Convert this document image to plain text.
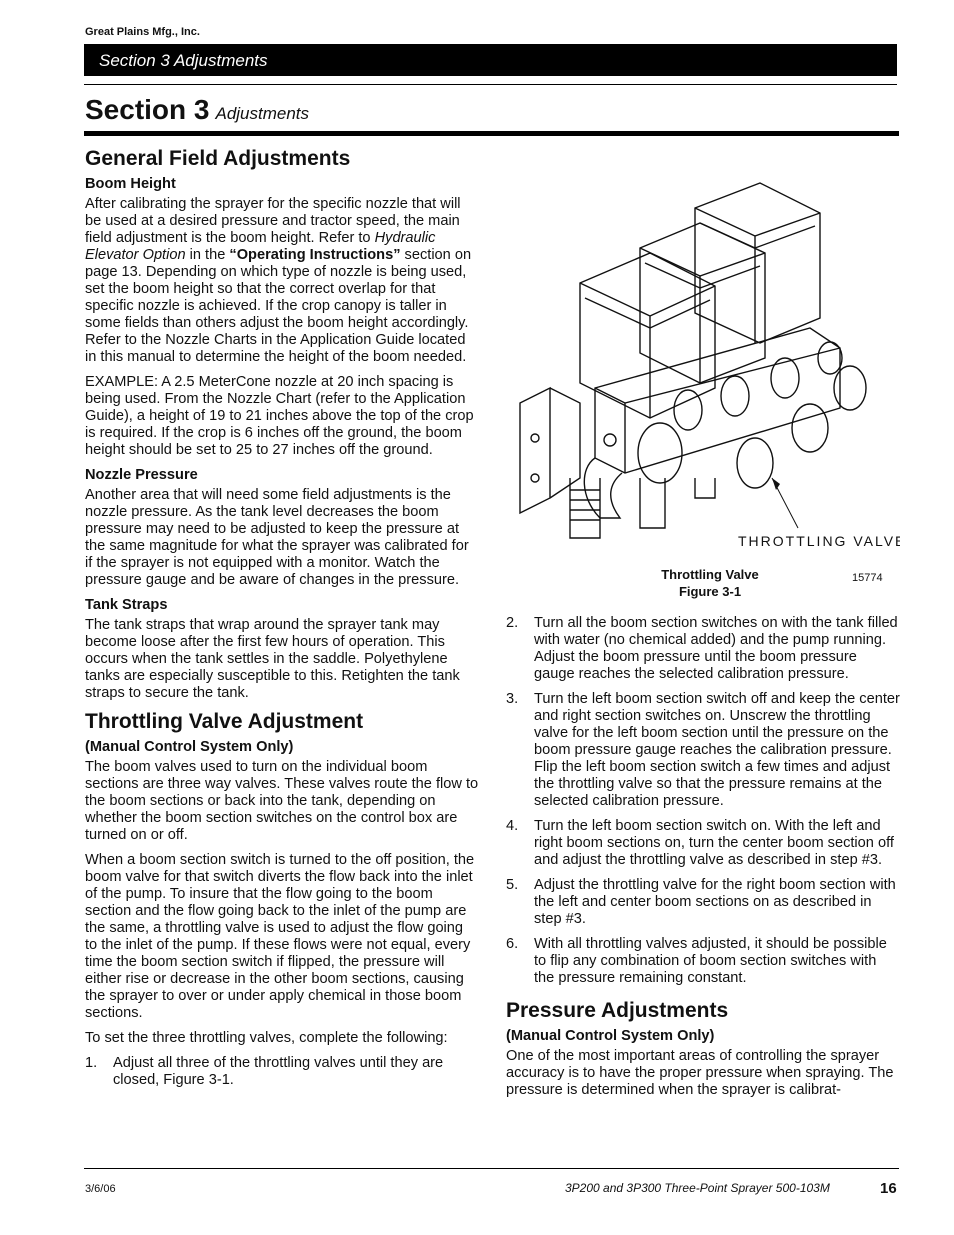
Great Plains Mfg., Inc.
Section 3 Adjustments
Section 3 Adjustments
General Field Adjustments
Boom Height

After calibrating the sprayer for the specific nozzle that will be used at a desired pressure and tractor speed, the main field adjustment is the boom height. Refer to Hydraulic Elevator Option in the “Operating Instructions” section on page 13. Depending on which type of nozzle is being used, set the boom height so that the correct overlap for that specific nozzle is achieved. If the crop canopy is taller in some fields than others adjust the boom height accordingly. Refer to the Nozzle Charts in the Application Guide located in this manual to determine the height of the boom needed.

EXAMPLE: A 2.5 MeterCone nozzle at 20 inch spacing is being used. From the Nozzle Chart (refer to the Application Guide), a height of 19 to 21 inches above the top of the crop is required. If the crop is 6 inches off the ground, the boom height should be set to 25 to 27 inches off the ground.

Nozzle Pressure

Another area that will need some field adjustments is the nozzle pressure. As the tank level decreases the boom pressure may need to be adjusted to keep the pressure at the same magnitude for what the sprayer was calibrated for if the sprayer is not equipped with a monitor. Watch the pressure gauge and be aware of changes in the pressure.

Tank Straps

The tank straps that wrap around the sprayer tank may become loose after the first few hours of operation. This occurs when the tank settles in the saddle. Polyethylene tanks are especially susceptible to this. Retighten the tank straps to secure the tank.

Throttling Valve Adjustment
(Manual Control System Only)

The boom valves used to turn on the individual boom sections are three way valves. These valves route the flow to the boom sections or back into the tank, depending on whether the boom section switches on the control box are turned on or off.

When a boom section switch is turned to the off position, the boom valve for that switch diverts the flow back into the inlet of the pump. To insure that the flow going to the boom section and the flow going back to the inlet of the pump are the same, a throttling valve is used to adjust the flow going to the inlet of the pump. If these flows were not equal, every time the boom section switch if flipped, the pressure will either rise or decrease in the other boom sections, causing the sprayer to over or under apply chemical in those boom sections.

To set the three throttling valves, complete the following:

1. Adjust all three of the throttling valves until they are closed, Figure 3-1.
THROTTLING VALVE
Throttling Valve
Figure 3-1
15774
2. Turn all the boom section switches on with the tank filled with water (no chemical added) and the pump running. Adjust the boom pressure until the boom pressure gauge reaches the selected calibration pressure.
3. Turn the left boom section switch off and keep the center and right section switches on. Unscrew the throttling valve for the left boom section until the pressure on the boom pressure gauge reaches the calibration pressure. Flip the left boom section switch a few times and adjust the throttling valve so that the pressure remains at the selected calibration pressure.
4. Turn the left boom section switch on. With the left and right boom sections on, turn the center boom section off and adjust the throttling valve as described in step #3.
5. Adjust the throttling valve for the right boom section with the left and center boom sections on as described in step #3.
6. With all throttling valves adjusted, it should be possible to flip any combination of boom section switches with the pressure remaining constant.
Pressure Adjustments
(Manual Control System Only)

One of the most important areas of controlling the sprayer accuracy is to have the proper pressure when spraying. The pressure is determined when the sprayer is calibrat-

3/6/06	3P200 and 3P300 Three-Point Sprayer 500-103M	16
